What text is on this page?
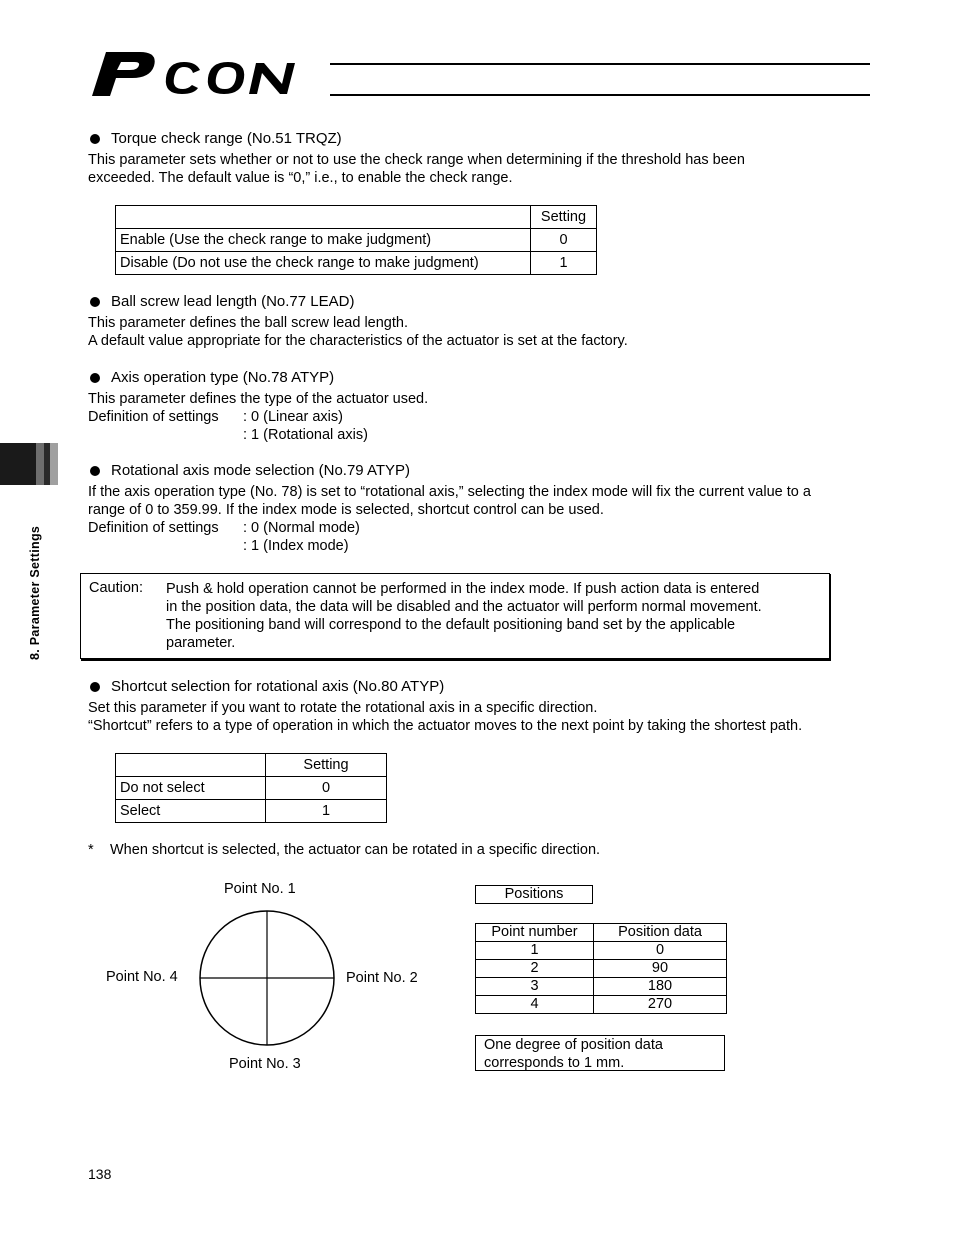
8. Parameter Settings
Torque check range (No.51 TRQZ)
This parameter sets whether or not to use the check range when determining if the threshold has been
exceeded. The default value is “0,” i.e., to enable the check range.
	Setting
Enable (Use the check range to make judgment)	0
Disable (Do not use the check range to make judgment)	1
Ball screw lead length (No.77 LEAD)
This parameter defines the ball screw lead length.
A default value appropriate for the characteristics of the actuator is set at the factory.
Axis operation type (No.78 ATYP)
This parameter defines the type of the actuator used.
Definition of settings : 0 (Linear axis)
: 1 (Rotational axis)
Rotational axis mode selection (No.79 ATYP)
If the axis operation type (No. 78) is set to “rotational axis,” selecting the index mode will fix the current value to a
range of 0 to 359.99. If the index mode is selected, shortcut control can be used.
Definition of settings : 0 (Normal mode)
: 1 (Index mode)
Caution: Push & hold operation cannot be performed in the index mode. If push action data is entered
in the position data, the data will be disabled and the actuator will perform normal movement.
The positioning band will correspond to the default positioning band set by the applicable
parameter.
Shortcut selection for rotational axis (No.80 ATYP)
Set this parameter if you want to rotate the rotational axis in a specific direction.
“Shortcut” refers to a type of operation in which the actuator moves to the next point by taking the shortest path.
	Setting
Do not select	0
Select	1
* When shortcut is selected, the actuator can be rotated in a specific direction.
Point No. 1
Point No. 2
Point No. 3
Point No. 4
Positions
Point number	Position data
1	0
2	90
3	180
4	270
One degree of position data
corresponds to 1 mm.
138
